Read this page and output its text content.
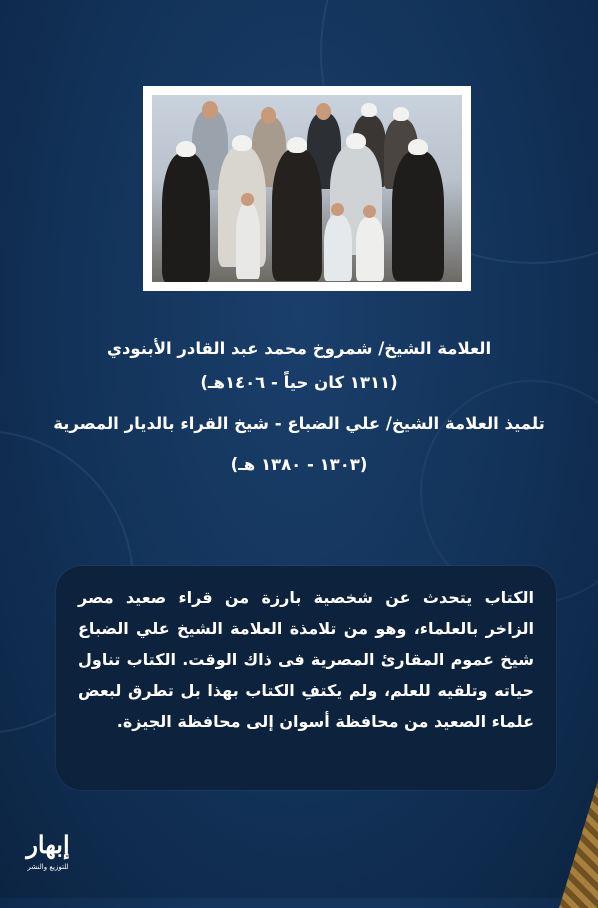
العلامة الشيخ/ شمروخ محمد عبد القادر الأبنودي

(١٣١١ كان حياً - ١٤٠٦هـ)

تلميذ العلامة الشيخ/ علي الضباع - شيخ القراء بالديار المصرية

(١٣٠٣ - ١٣٨٠ هـ)

الكتاب يتحدث عن شخصية بارزة من قراء صعيد مصر الزاخر بالعلماء، وهو من تلامذة العلامة الشيخ علي الضباع شيخ عموم المقارئ المصرية فى ذاك الوقت. الكتاب تناول حياته وتلقيه للعلم، ولم يكتفِ الكتاب بهذا بل تطرق لبعض علماء الصعيد من محافظة أسوان إلى محافظة الجيزة.

إبهار
للتوزيع والنشر
